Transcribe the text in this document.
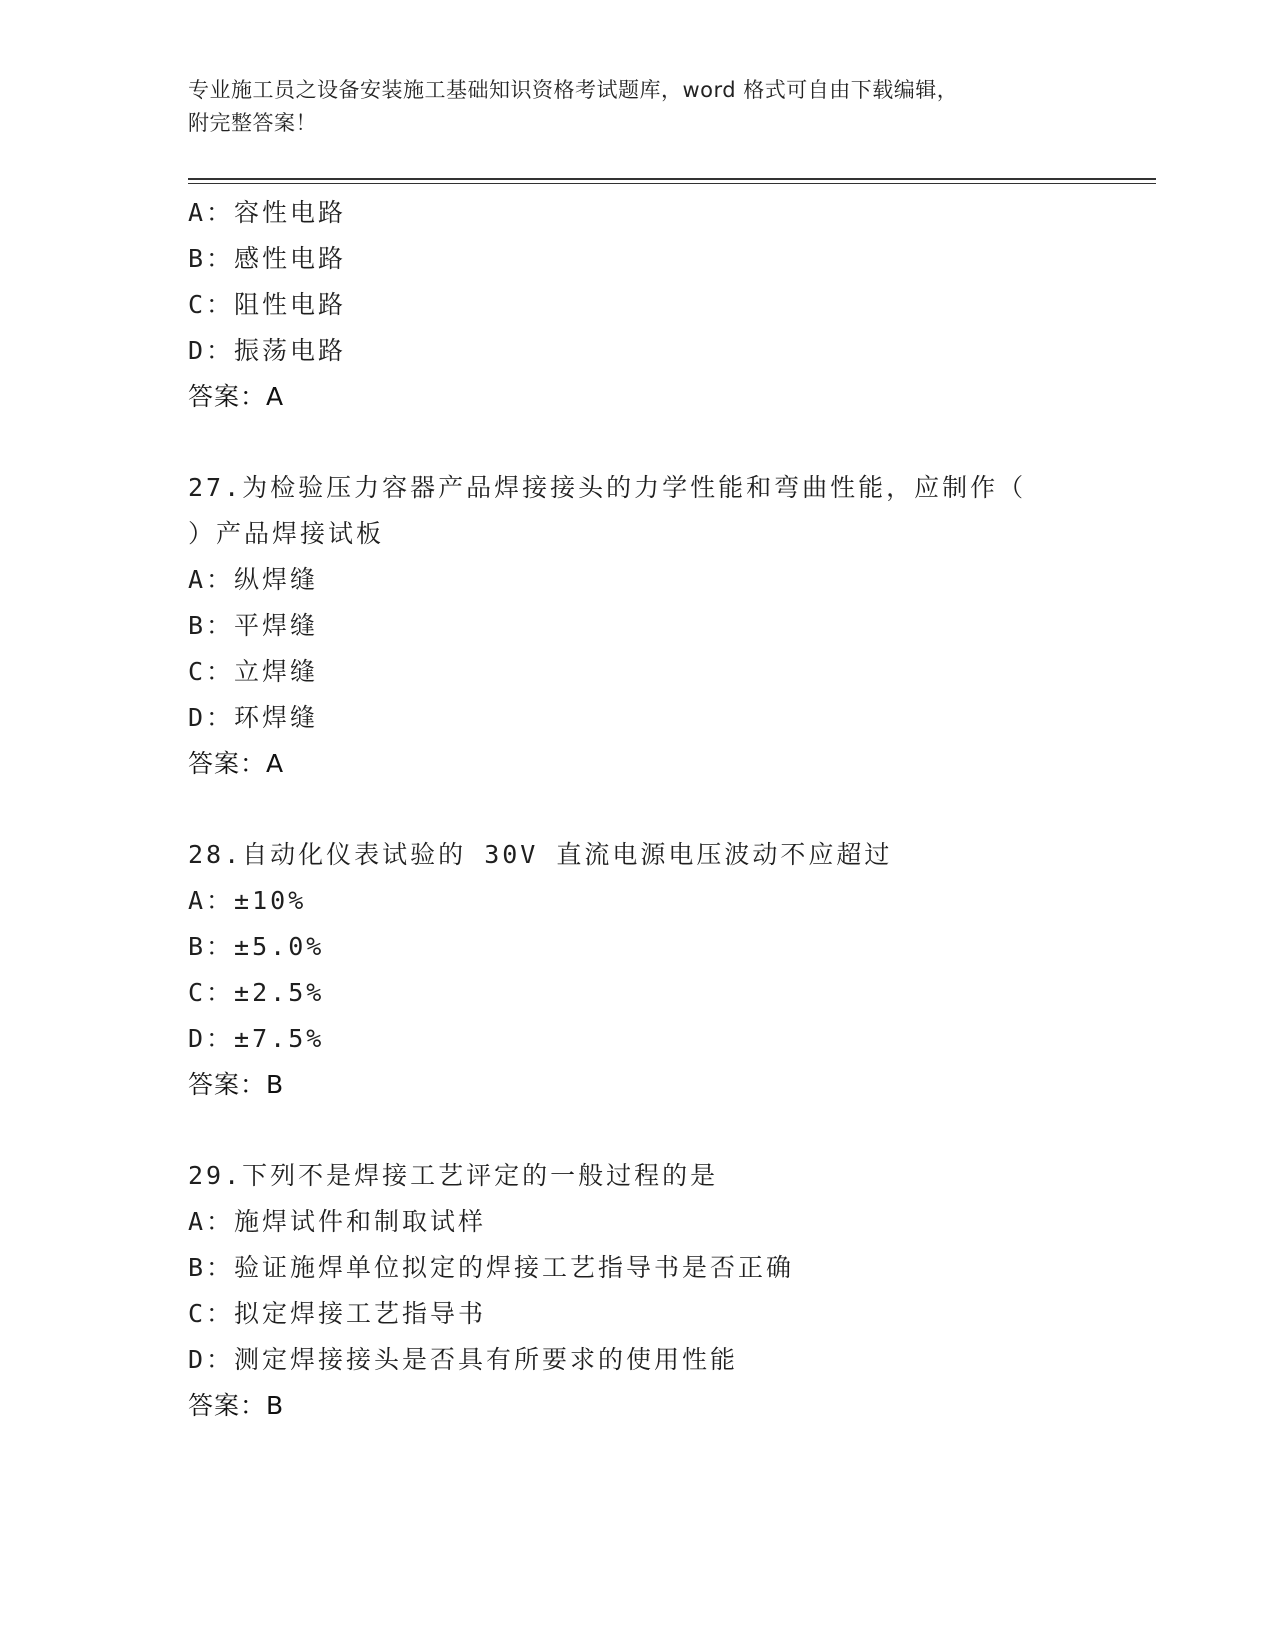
专业施工员之设备安装施工基础知识资格考试题库，word 格式可自由下载编辑，
附完整答案！
A：容性电路
B：感性电路
C：阻性电路
D：振荡电路
答案：A
27.为检验压力容器产品焊接接头的力学性能和弯曲性能，应制作（
）产品焊接试板
A：纵焊缝
B：平焊缝
C：立焊缝
D：环焊缝
答案：A
28.自动化仪表试验的 30V 直流电源电压波动不应超过
A：±10%
B：±5.0%
C：±2.5%
D：±7.5%
答案：B
29.下列不是焊接工艺评定的一般过程的是
A：施焊试件和制取试样
B：验证施焊单位拟定的焊接工艺指导书是否正确
C：拟定焊接工艺指导书
D：测定焊接接头是否具有所要求的使用性能
答案：B
